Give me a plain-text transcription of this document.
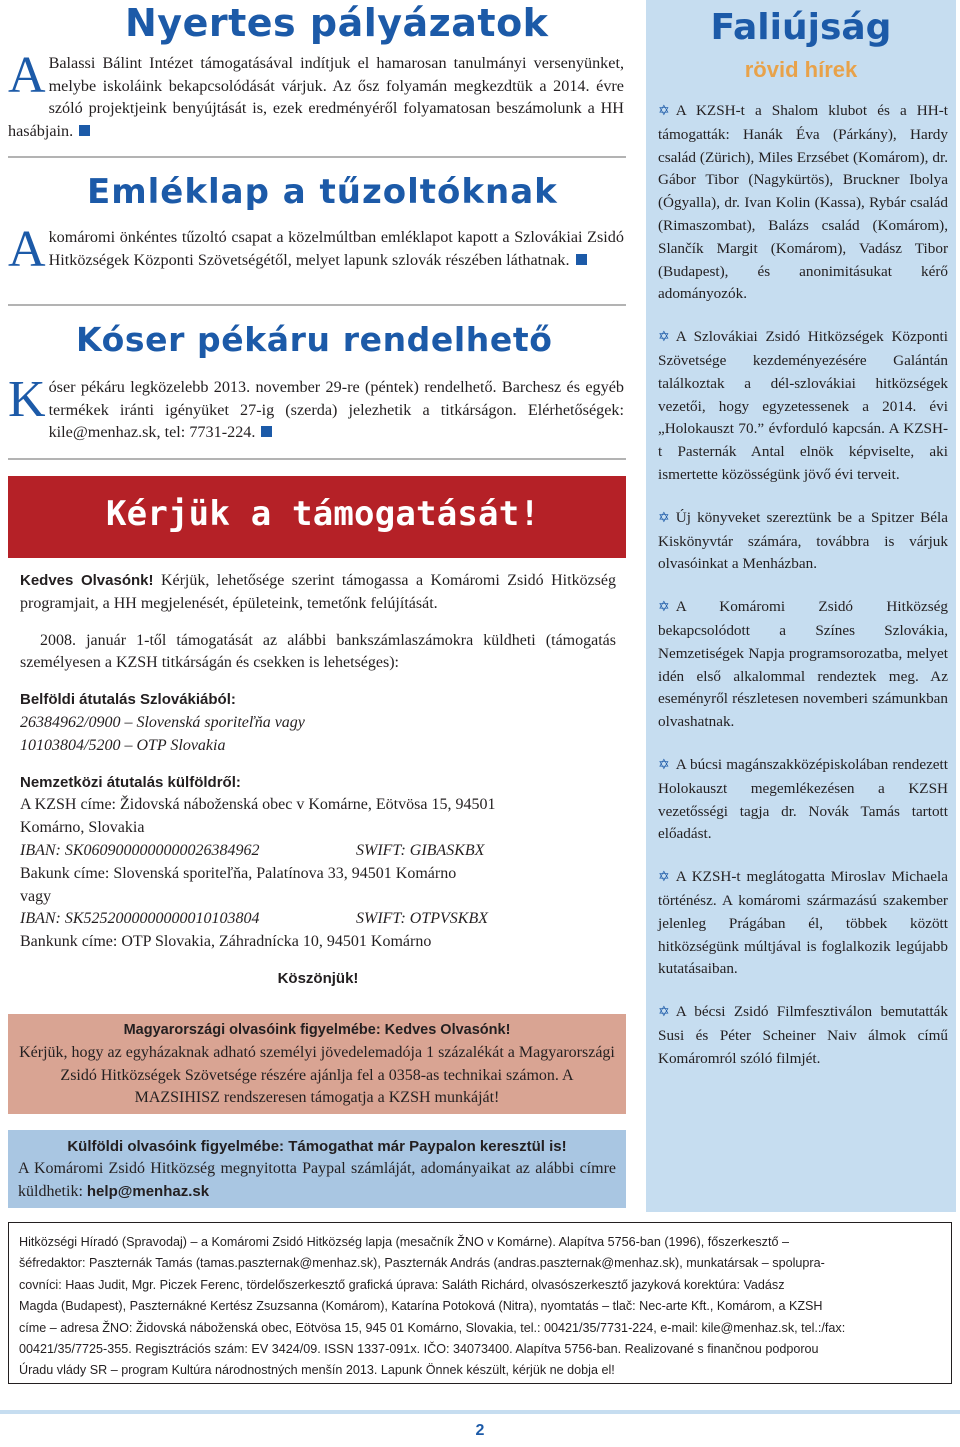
Nyertes pályázatok
A Balassi Bálint Intézet támogatásával indítjuk el hamarosan tanulmányi versenyünket, melybe iskoláink bekapcsolódását várjuk. Az ősz folyamán megkezdtük a 2014. évre szóló projektjeink benyújtását is, ezek eredményéről folyamatosan beszámolunk a HH hasábjain.
Emléklap a tűzoltóknak
A komáromi önkéntes tűzoltó csapat a közelmúltban emléklapot kapott a Szlovákiai Zsidó Hitközségek Központi Szövetségétől, melyet lapunk szlovák részében láthatnak.
Kóser pékáru rendelhető
Kóser pékáru legközelebb 2013. november 29-re (péntek) rendelhető. Barchesz és egyéb termékek iránti igényüket 27-ig (szerda) jelezhetik a titkárságon. Elérhetőségek: kile@menhaz.sk, tel: 7731-224.
Kérjük a támogatását!
Kedves Olvasónk! Kérjük, lehetősége szerint támogassa a Komáromi Zsidó Hitközség programjait, a HH megjelenését, épületeink, temetőnk felújítását.
2008. január 1-től támogatását az alábbi bankszámlaszámokra küldheti (támogatás személyesen a KZSH titkárságán és csekken is lehetséges):
Belföldi átutalás Szlovákiából:
26384962/0900 – Slovenská sporiteľňa vagy
10103804/5200 – OTP Slovakia
Nemzetközi átutalás külföldről:
A KZSH címe: Židovská náboženská obec v Komárne, Eötvösa 15, 94501
Komárno, Slovakia
IBAN: SK0609000000000026384962	SWIFT: GIBASKBX
Bakunk címe: Slovenská sporiteľňa, Palatínova 33, 94501 Komárno
vagy
IBAN: SK5252000000000010103804	SWIFT: OTPVSKBX
Bankunk címe: OTP Slovakia, Záhradnícka 10, 94501 Komárno
Köszönjük!
Magyarországi olvasóink figyelmébe: Kedves Olvasónk!
Kérjük, hogy az egyházaknak adható személyi jövedelemadója 1 százalékát a Magyarországi Zsidó Hitközségek Szövetsége részére ajánlja fel a 0358-as technikai számon. A MAZSIHISZ rendszeresen támogatja a KZSH munkáját!
Külföldi olvasóink figyelmébe: Támogathat már Paypalon keresztül is!
A Komáromi Zsidó Hitközség megnyitotta Paypal számláját, adományaikat az alábbi címre küldhetik: help@menhaz.sk
Faliújság
rövid hírek

✡ A KZSH-t a Shalom klubot és a HH-t támogatták: Hanák Éva (Párkány), Hardy család (Zürich), Miles Erzsébet (Komárom), dr. Gábor Tibor (Nagykürtös), Bruckner Ibolya (Ógyalla), dr. Ivan Kolin (Kassa), Rybár család (Rimaszombat), Balázs család (Komárom), Slančík Margit (Komárom), Vadász Tibor (Budapest), és anonimitásukat kérő adományozók.

✡ A Szlovákiai Zsidó Hitközségek Központi Szövetsége kezdeményezésére Galántán találkoztak a dél-szlovákiai hitközségek vezetői, hogy egyzetessenek a 2014. évi „Holokauszt 70.” évforduló kapcsán. A KZSH-t Pasternák Antal elnök képviselte, aki ismertette közösségünk jövő évi terveit.

✡ Új könyveket szereztünk be a Spitzer Béla Kiskönyvtár számára, továbbra is várjuk olvasóinkat a Menházban.

✡ A Komáromi Zsidó Hitközség bekapcsolódott a Színes Szlovákia, Nemzetiségek Napja programsorozatba, melyet idén első alkalommal rendeztek meg. Az eseményről részletesen novemberi számunkban olvashatnak.

✡ A búcsi magánszakközépiskolában rendezett Holokauszt megemlékezésen a KZSH vezetősségi tagja dr. Novák Tamás tartott előadást.

✡ A KZSH-t meglátogatta Miroslav Michaela történész. A komáromi származású szakember jelenleg Prágában él, többek között hitközségünk múltjával is foglalkozik legújabb kutatásaiban.

✡ A bécsi Zsidó Filmfesztiválon bemutatták Susi és Péter Scheiner Naiv álmok című Komáromról szóló filmjét.

Hitközségi Híradó (Spravodaj) – a Komáromi Zsidó Hitközség lapja (mesačník ŽNO v Komárne). Alapítva 5756-ban (1996), főszerkesztő –
šéfredaktor: Paszternák Tamás (tamas.paszternak@menhaz.sk), Paszternák András (andras.paszternak@menhaz.sk), munkatársak – spolupra-
covníci: Haas Judit, Mgr. Piczek Ferenc, tördelőszerkesztő grafická úprava: Saláth Richárd, olvasószerkesztő jazyková korektúra: Vadász
Magda (Budapest), Paszternákné Kertész Zsuzsanna (Komárom), Katarína Potoková (Nitra), nyomtatás – tlač: Nec-arte Kft., Komárom, a KZSH
címe – adresa ŽNO: Židovská náboženská obec, Eötvösa 15, 945 01 Komárno, Slovakia, tel.: 00421/35/7731-224, e-mail: kile@menhaz.sk, tel.:/fax:
00421/35/7725-355. Regisztrációs szám: EV 3424/09. ISSN 1337-091x. IČO: 34073400. Alapítva 5756-ban. Realizované s finančnou podporou
Úradu vlády SR – program Kultúra národnostných menšín 2013. Lapunk Önnek készült, kérjük ne dobja el!
2
